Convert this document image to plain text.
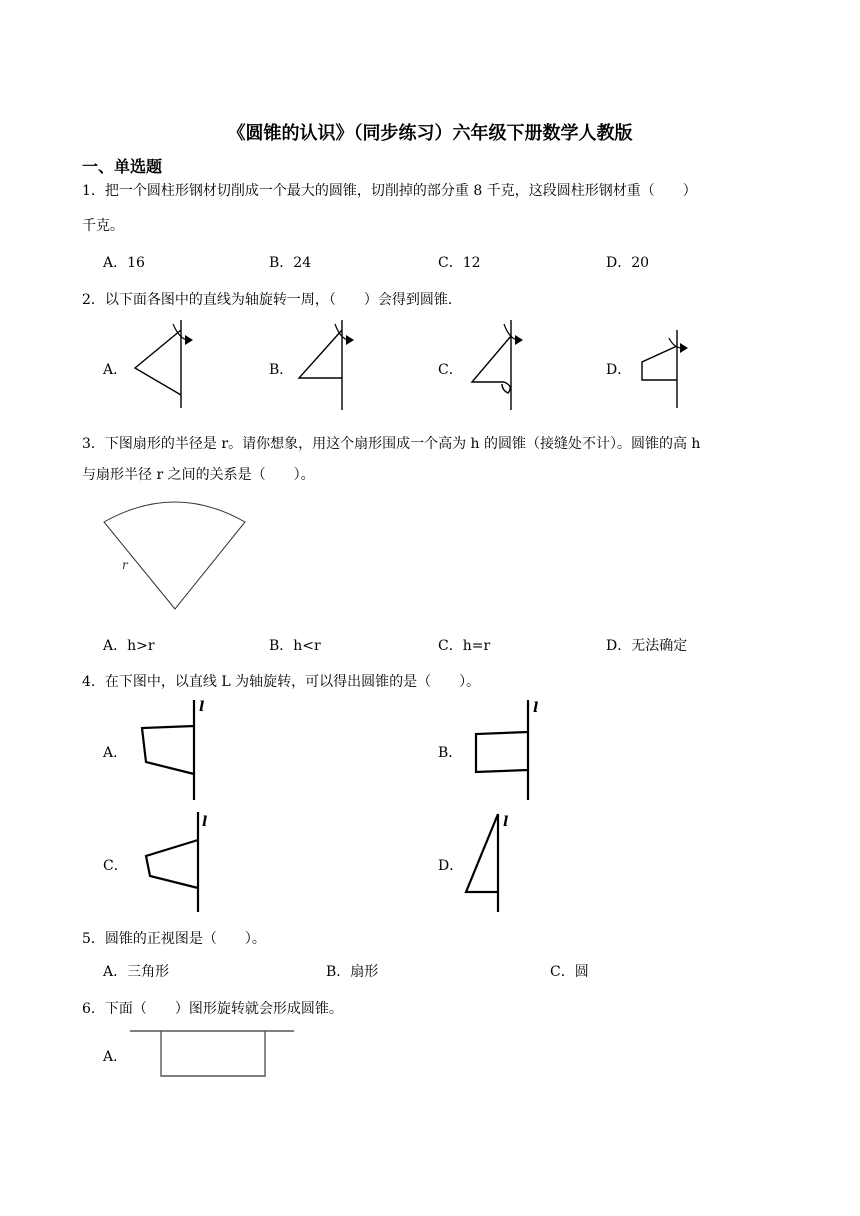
《圆锥的认识》（同步练习）六年级下册数学人教版
一、单选题
1．把一个圆柱形钢材切削成一个最大的圆锥，切削掉的部分重 8 千克，这段圆柱形钢材重（　　）
千克。
A．16	B．24	C．12	D．20
2．以下面各图中的直线为轴旋转一周，（　　）会得到圆锥．
A．	B．	C．	D．
3．下图扇形的半径是 r。请你想象，用这个扇形围成一个高为 h 的圆锥（接缝处不计）。圆锥的高 h
与扇形半径 r 之间的关系是（　　）。
r
A．h>r	B．h<r	C．h=r	D．无法确定
4．在下图中，以直线 L 为轴旋转，可以得出圆锥的是（　　）。
A．	B．
C．	D．
l	l
l	l
5．圆锥的正视图是（　　）。
A．三角形	B．扇形	C．圆
6．下面（　　）图形旋转就会形成圆锥。
A．
